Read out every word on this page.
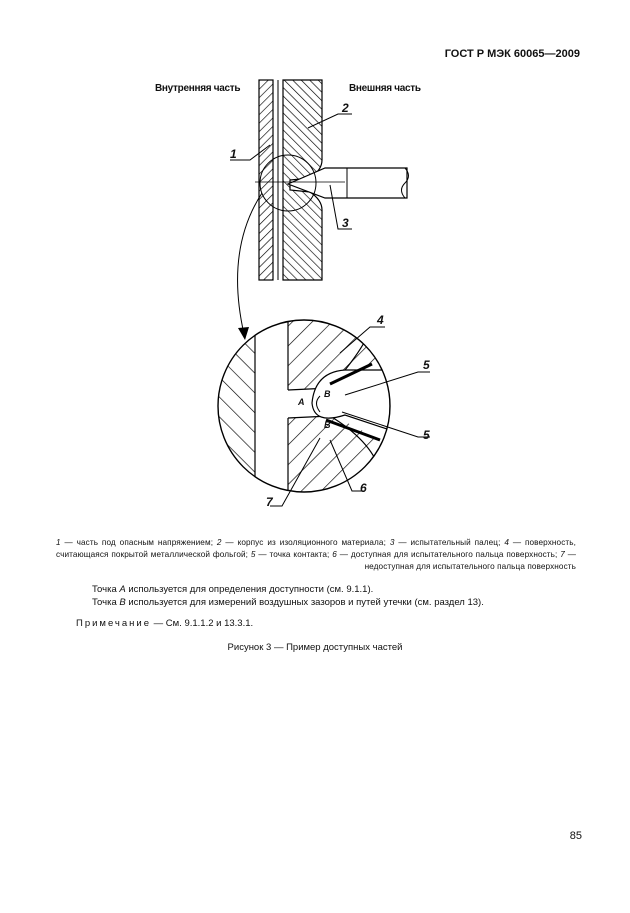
ГОСТ Р МЭК 60065—2009
Внутренняя часть	Внешняя часть
1
2
3
4
5
5
6
7
A
B
B
1 — часть под опасным напряжением; 2 — корпус из изоляционного материала; 3 — испытательный палец; 4 — поверхность, считающаяся покрытой металлической фольгой; 5 — точка контакта; 6 — доступная для испытательного пальца поверхность; 7 — недоступная для испытательного пальца поверхность
Точка A используется для определения доступности (см. 9.1.1).
Точка B используется для измерений воздушных зазоров и путей утечки (см. раздел 13).
Примечание — См. 9.1.1.2 и 13.3.1.
Рисунок 3 — Пример доступных частей
85
